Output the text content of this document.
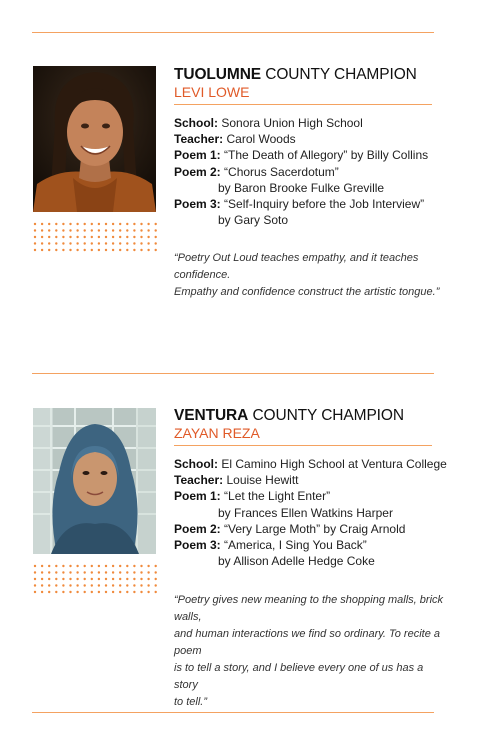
TUOLUMNE COUNTY CHAMPION
LEVI LOWE
School: Sonora Union High School
Teacher: Carol Woods
Poem 1: “The Death of Allegory” by Billy Collins
Poem 2: “Chorus Sacerdotum”
by Baron Brooke Fulke Greville
Poem 3: “Self-Inquiry before the Job Interview”
by Gary Soto
“Poetry Out Loud teaches empathy, and it teaches confidence.
Empathy and confidence construct the artistic tongue.”
VENTURA COUNTY CHAMPION
ZAYAN REZA
School: El Camino High School at Ventura College
Teacher: Louise Hewitt
Poem 1: “Let the Light Enter”
by Frances Ellen Watkins Harper
Poem 2: “Very Large Moth” by Craig Arnold
Poem 3: “America, I Sing You Back”
by Allison Adelle Hedge Coke
“Poetry gives new meaning to the shopping malls, brick walls,
and human interactions we find so ordinary. To recite a poem
is to tell a story, and I believe every one of us has a story
to tell.”
